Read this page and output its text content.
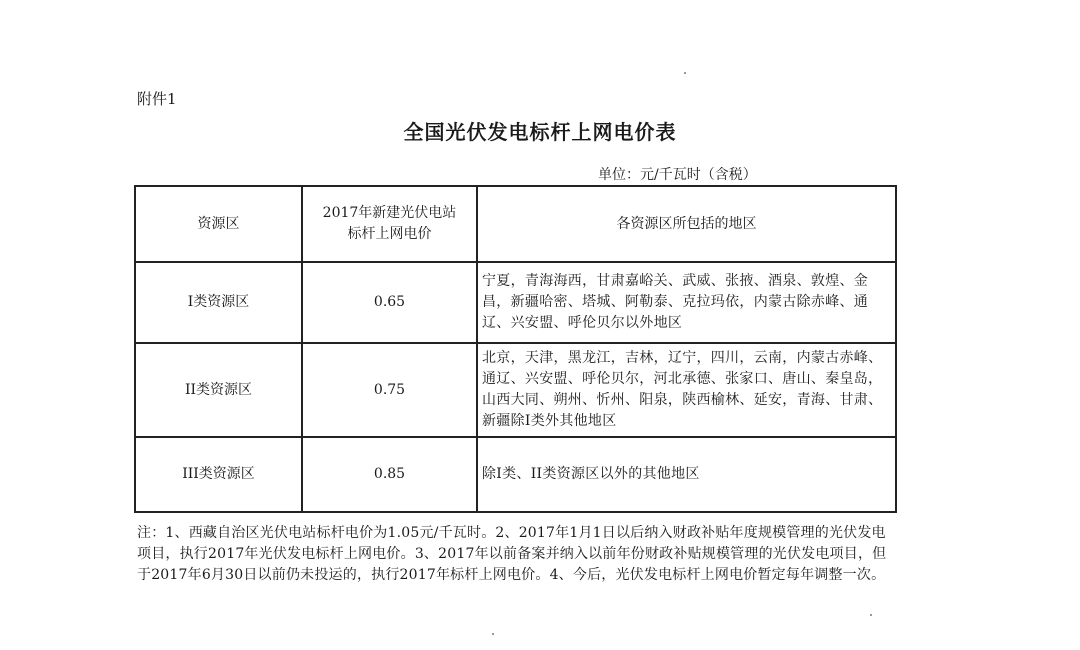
附件1
全国光伏发电标杆上网电价表
单位：元/千瓦时（含税）
资源区	2017年新建光伏电站标杆上网电价	各资源区所包括的地区

I类资源区	0.65	宁夏，青海海西，甘肃嘉峪关、武威、张掖、酒泉、敦煌、金昌，新疆哈密、塔城、阿勒泰、克拉玛依，内蒙古除赤峰、通辽、兴安盟、呼伦贝尔以外地区

II类资源区	0.75	北京，天津，黑龙江，吉林，辽宁，四川，云南，内蒙古赤峰、通辽、兴安盟、呼伦贝尔，河北承德、张家口、唐山、秦皇岛，山西大同、朔州、忻州、阳泉，陕西榆林、延安，青海、甘肃、新疆除I类外其他地区

III类资源区	0.85	除I类、II类资源区以外的其他地区
注：1、西藏自治区光伏电站标杆电价为1.05元/千瓦时。2、2017年1月1日以后纳入财政补贴年度规模管理的光伏发电项目，执行2017年光伏发电标杆上网电价。3、2017年以前备案并纳入以前年份财政补贴规模管理的光伏发电项目，但于2017年6月30日以前仍未投运的，执行2017年标杆上网电价。4、今后，光伏发电标杆上网电价暂定每年调整一次。
